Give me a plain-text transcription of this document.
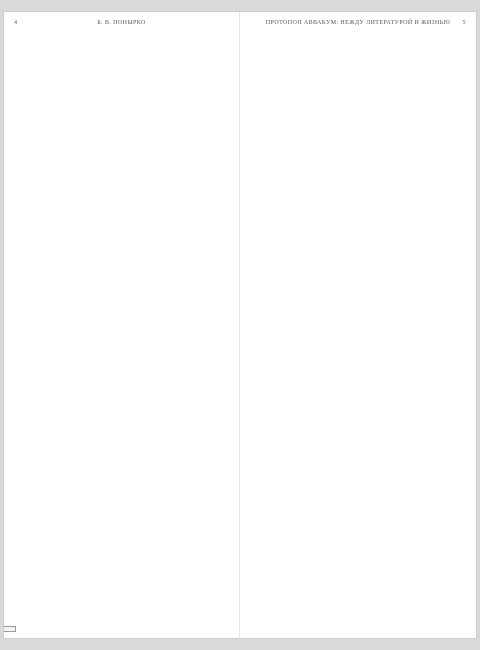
4	Б. В. ПОНЫРКО	ПРОТОПОП АВВАКУМ: НЕЖДУ ЛИТЕРАТУРОЙ И ЖИЗНЬЮ	5
